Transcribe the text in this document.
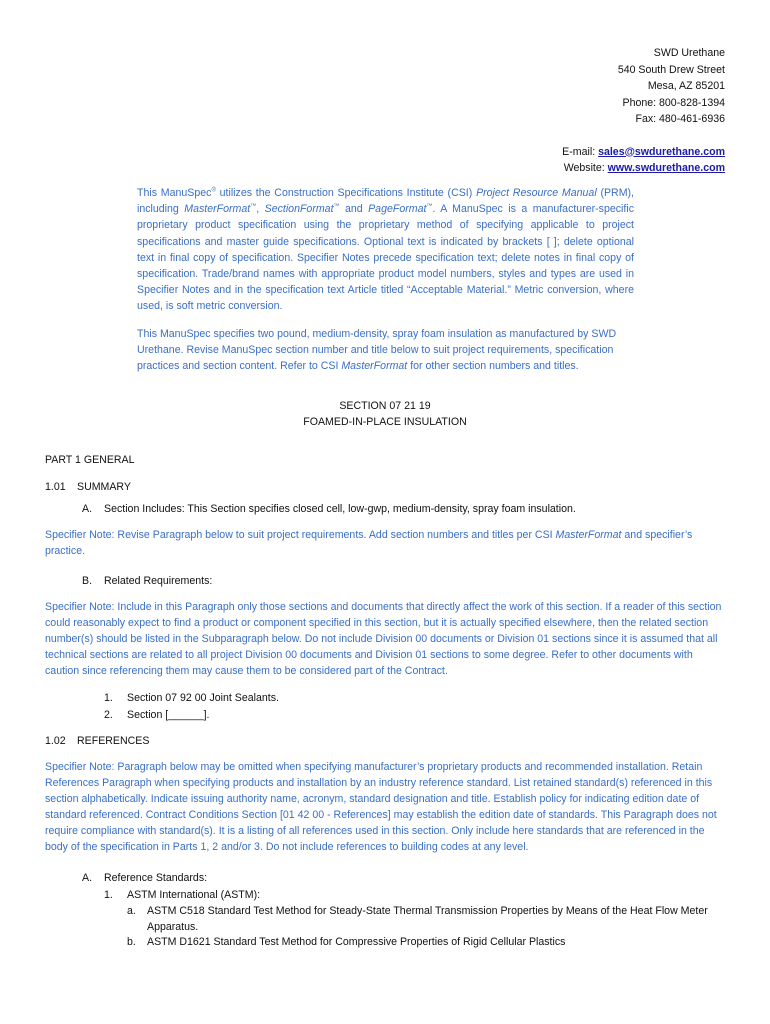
SWD Urethane
540 South Drew Street
Mesa, AZ 85201
Phone: 800-828-1394
Fax: 480-461-6936
E-mail: sales@swdurethane.com
Website: www.swdurethane.com
This ManuSpec® utilizes the Construction Specifications Institute (CSI) Project Resource Manual (PRM), including MasterFormat™, SectionFormat™ and PageFormat™. A ManuSpec is a manufacturer-specific proprietary product specification using the proprietary method of specifying applicable to project specifications and master guide specifications. Optional text is indicated by brackets [ ]; delete optional text in final copy of specification. Specifier Notes precede specification text; delete notes in final copy of specification. Trade/brand names with appropriate product model numbers, styles and types are used in Specifier Notes and in the specification text Article titled “Acceptable Material.” Metric conversion, where used, is soft metric conversion.
This ManuSpec specifies two pound, medium-density, spray foam insulation as manufactured by SWD Urethane. Revise ManuSpec section number and title below to suit project requirements, specification practices and section content. Refer to CSI MasterFormat for other section numbers and titles.
SECTION 07 21 19
FOAMED-IN-PLACE INSULATION
PART 1 GENERAL
1.01 SUMMARY
A. Section Includes: This Section specifies closed cell, low-gwp, medium-density, spray foam insulation.
Specifier Note: Revise Paragraph below to suit project requirements. Add section numbers and titles per CSI MasterFormat and specifier’s practice.
B. Related Requirements:
Specifier Note: Include in this Paragraph only those sections and documents that directly affect the work of this section. If a reader of this section could reasonably expect to find a product or component specified in this section, but it is actually specified elsewhere, then the related section number(s) should be listed in the Subparagraph below. Do not include Division 00 documents or Division 01 sections since it is assumed that all technical sections are related to all project Division 00 documents and Division 01 sections to some degree. Refer to other documents with caution since referencing them may cause them to be considered part of the Contract.
1. Section 07 92 00 Joint Sealants.
2. Section [______].
1.02 REFERENCES
Specifier Note: Paragraph below may be omitted when specifying manufacturer’s proprietary products and recommended installation. Retain References Paragraph when specifying products and installation by an industry reference standard. List retained standard(s) referenced in this section alphabetically. Indicate issuing authority name, acronym, standard designation and title. Establish policy for indicating edition date of standard referenced. Contract Conditions Section [01 42 00 - References] may establish the edition date of standards. This Paragraph does not require compliance with standard(s). It is a listing of all references used in this section. Only include here standards that are referenced in the body of the specification in Parts 1, 2 and/or 3. Do not include references to building codes at any level.
A. Reference Standards:
1. ASTM International (ASTM):
a. ASTM C518 Standard Test Method for Steady-State Thermal Transmission Properties by Means of the Heat Flow Meter Apparatus.
b. ASTM D1621 Standard Test Method for Compressive Properties of Rigid Cellular Plastics
